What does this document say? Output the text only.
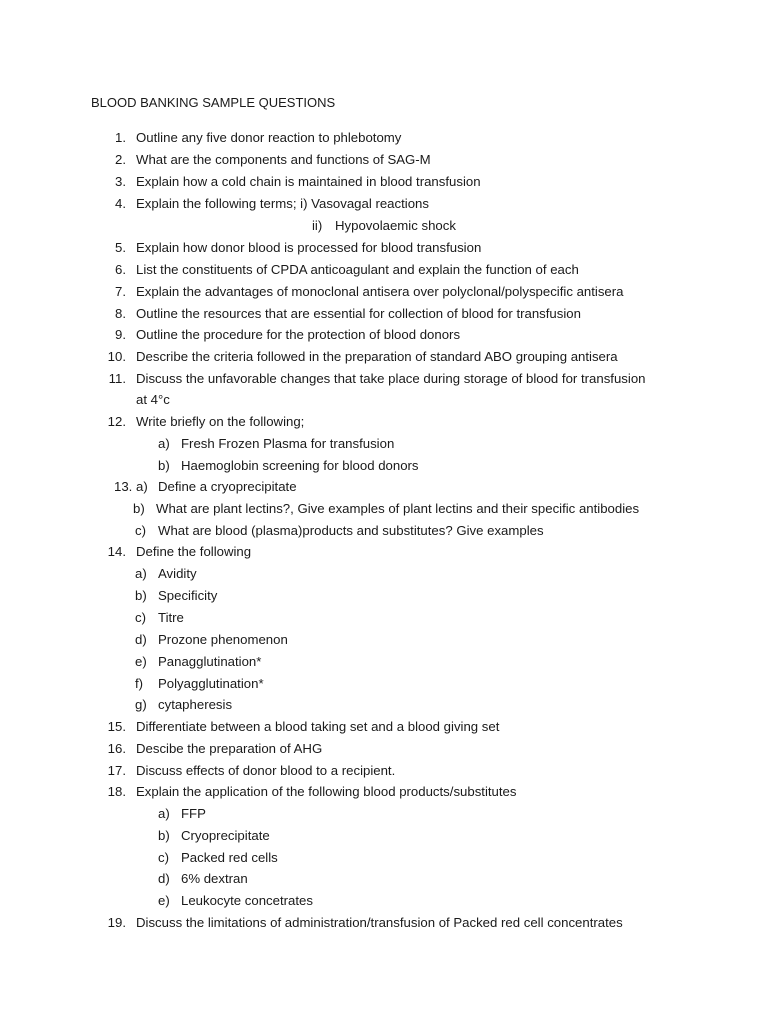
BLOOD BANKING SAMPLE QUESTIONS
1. Outline any five donor reaction to phlebotomy
2. What are the components and functions of SAG-M
3. Explain how a cold chain is maintained in blood transfusion
4. Explain the following terms; i) Vasovagal reactions
ii) Hypovolaemic shock
5. Explain how donor blood is processed for blood transfusion
6. List the constituents of CPDA anticoagulant and explain the function of each
7. Explain the advantages of monoclonal antisera over polyclonal/polyspecific antisera
8. Outline the resources that are essential for collection of blood for transfusion
9. Outline the procedure for the protection of blood donors
10. Describe the criteria followed in the preparation of standard ABO grouping antisera
11. Discuss the unfavorable changes that take place during storage of blood for transfusion
at 4°c
12. Write briefly on the following;
a) Fresh Frozen Plasma for transfusion
b) Haemoglobin screening for blood donors
13. a) Define a cryoprecipitate
b) What are plant lectins?, Give examples of plant lectins and their specific antibodies
c) What are blood (plasma)products and substitutes? Give examples
14. Define the following
a) Avidity
b) Specificity
c) Titre
d) Prozone phenomenon
e) Panagglutination*
f) Polyagglutination*
g) cytapheresis
15. Differentiate between a blood taking set and a blood giving set
16. Descibe the preparation of AHG
17. Discuss effects of donor blood to a recipient.
18. Explain the application of the following blood products/substitutes
a) FFP
b) Cryoprecipitate
c) Packed red cells
d) 6% dextran
e) Leukocyte concetrates
19. Discuss the limitations of administration/transfusion of Packed red cell concentrates
